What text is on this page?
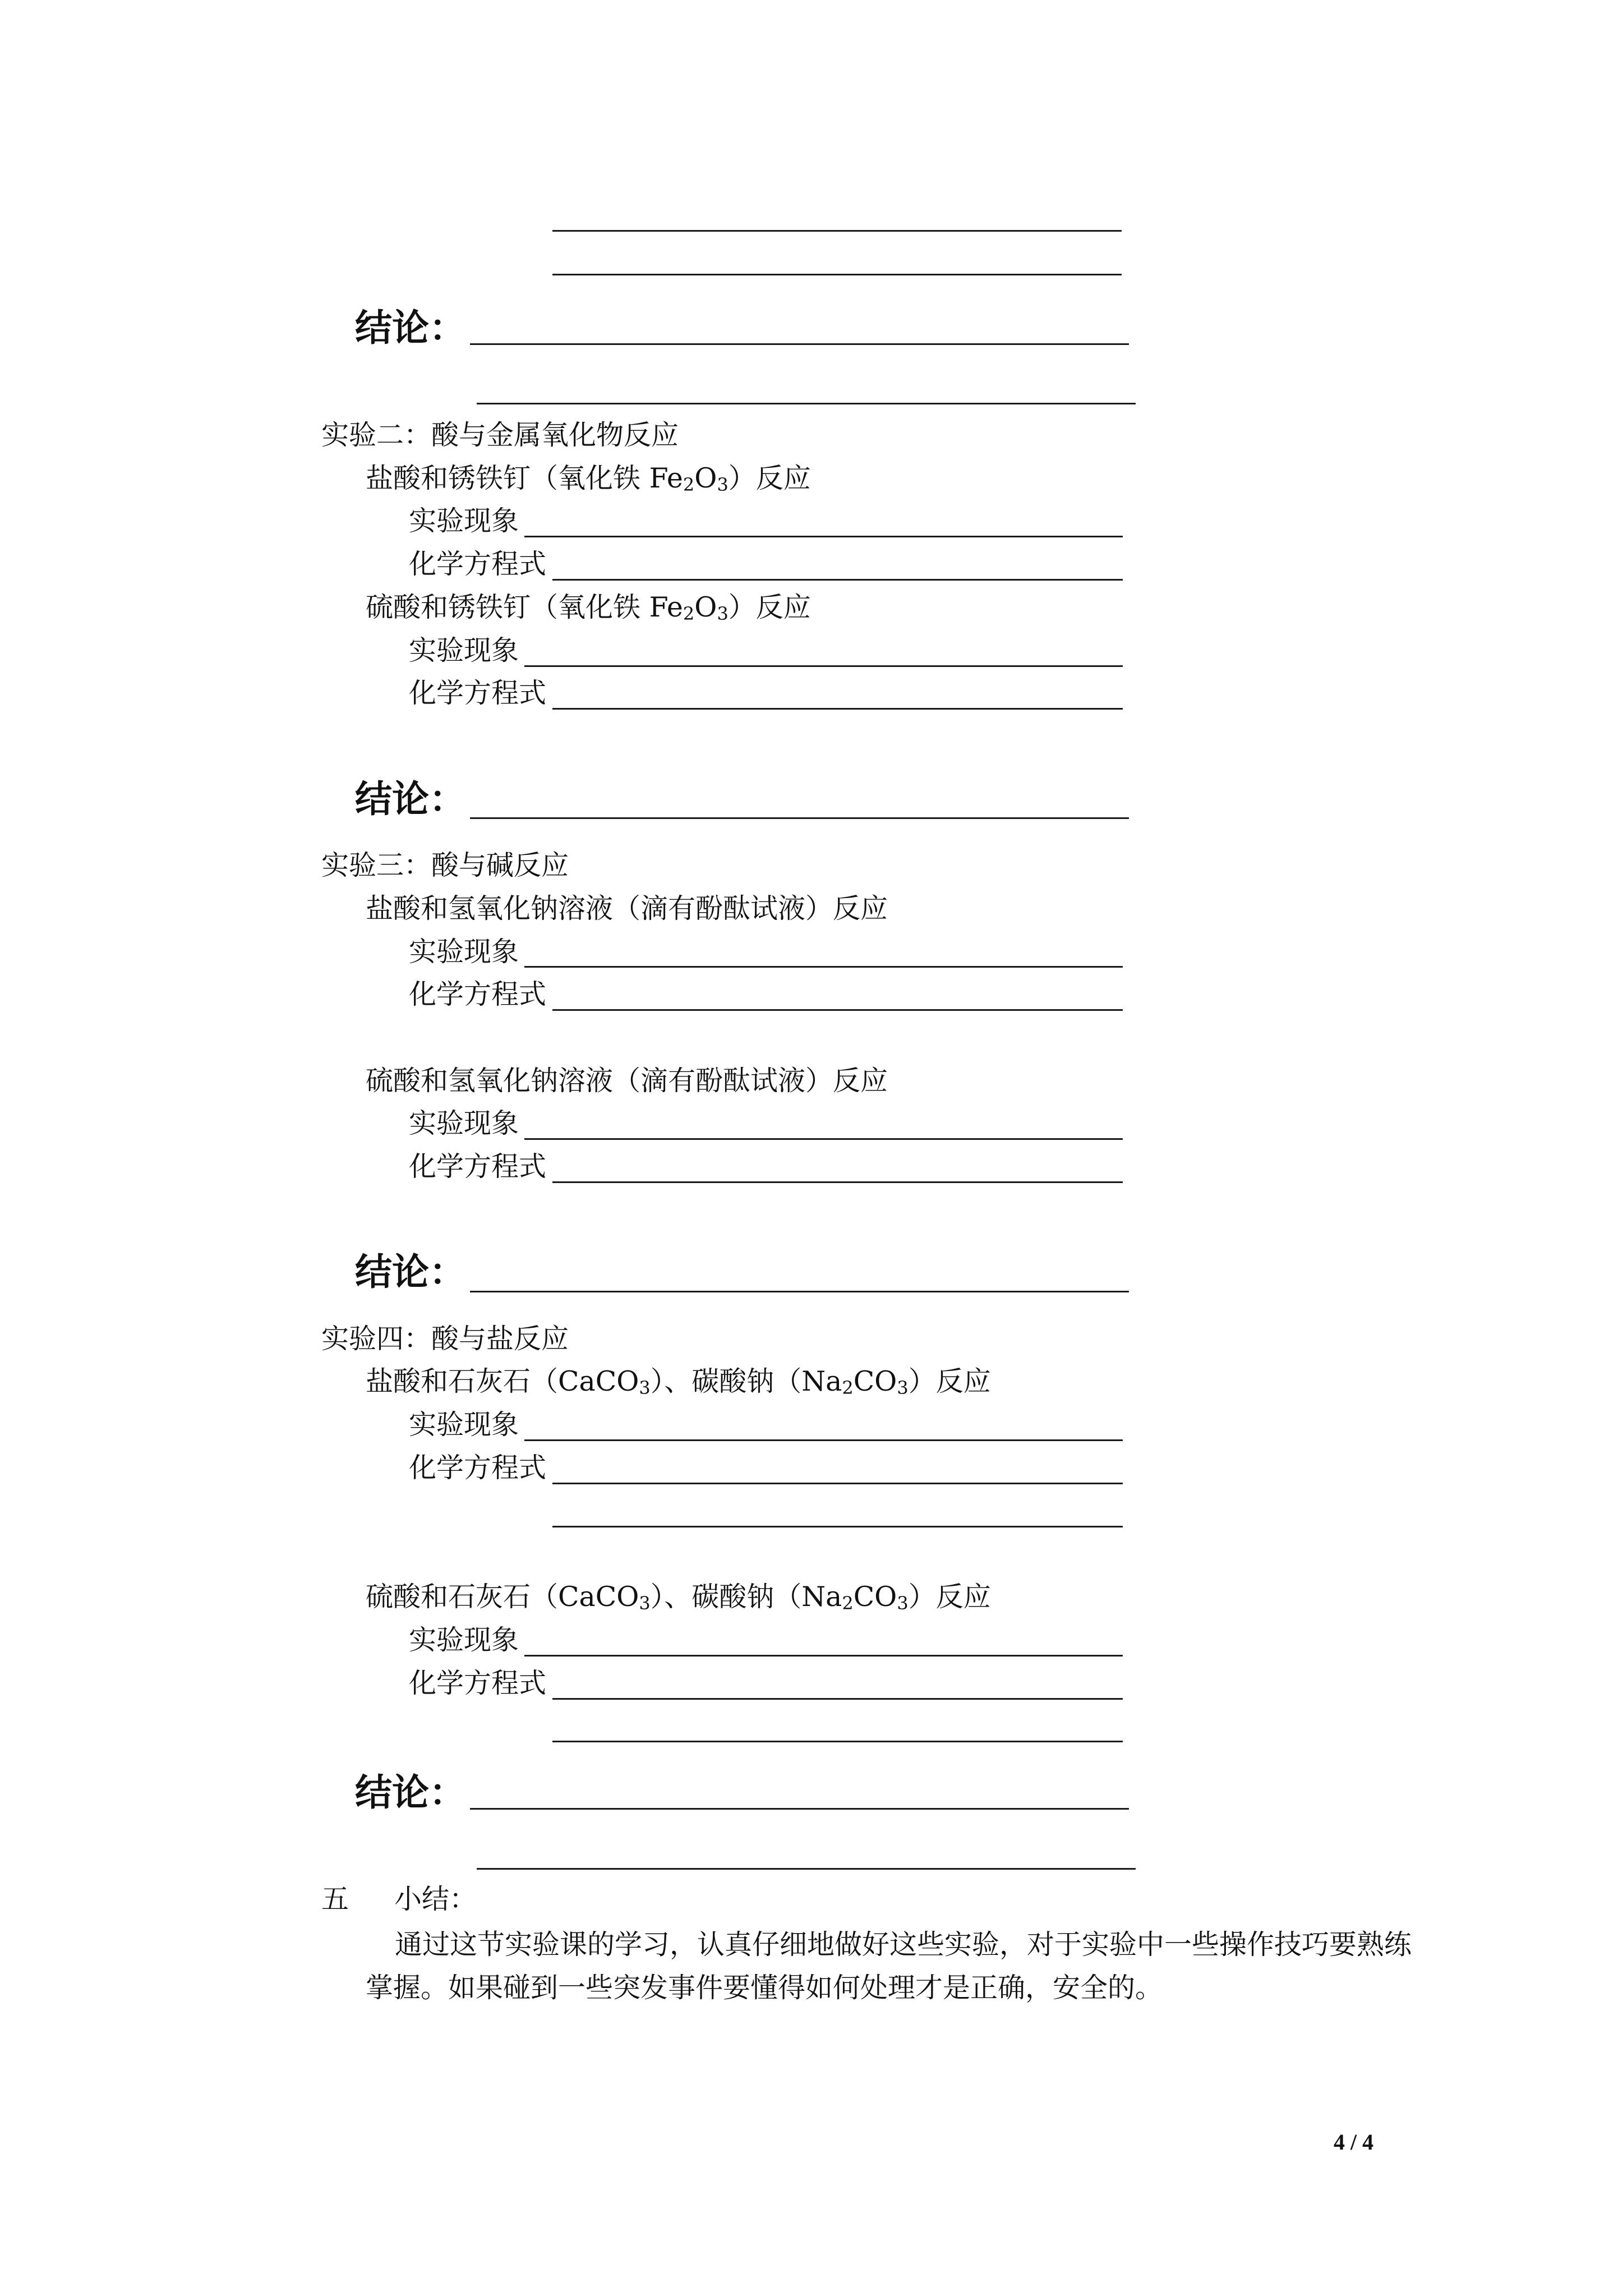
结论：
实验二：酸与金属氧化物反应
盐酸和锈铁钉（氧化铁 $Fe_2O_3$）反应
实验现象
化学方程式
硫酸和锈铁钉（氧化铁 $Fe_2O_3$）反应
实验现象
化学方程式
结论：
实验三：酸与碱反应
盐酸和氢氧化钠溶液（滴有酚酞试液）反应
实验现象
化学方程式
硫酸和氢氧化钠溶液（滴有酚酞试液）反应
实验现象
化学方程式
结论：
实验四：酸与盐反应
盐酸和石灰石（CaCO$_3$）、碳酸钠$(Na_2CO_3)$反应
实验现象
化学方程式
硫酸和石灰石（CaCO$_3$）、碳酸钠$(Na_2CO_3)$反应
实验现象
化学方程式
结论：
五 小结：
通过这节实验课的学习，认真仔细地做好这些实验，对于实验中一些操作技巧要熟练掌握。如果碰到一些突发事件要懂得如何处理才是正确，安全的。
4 / 4
